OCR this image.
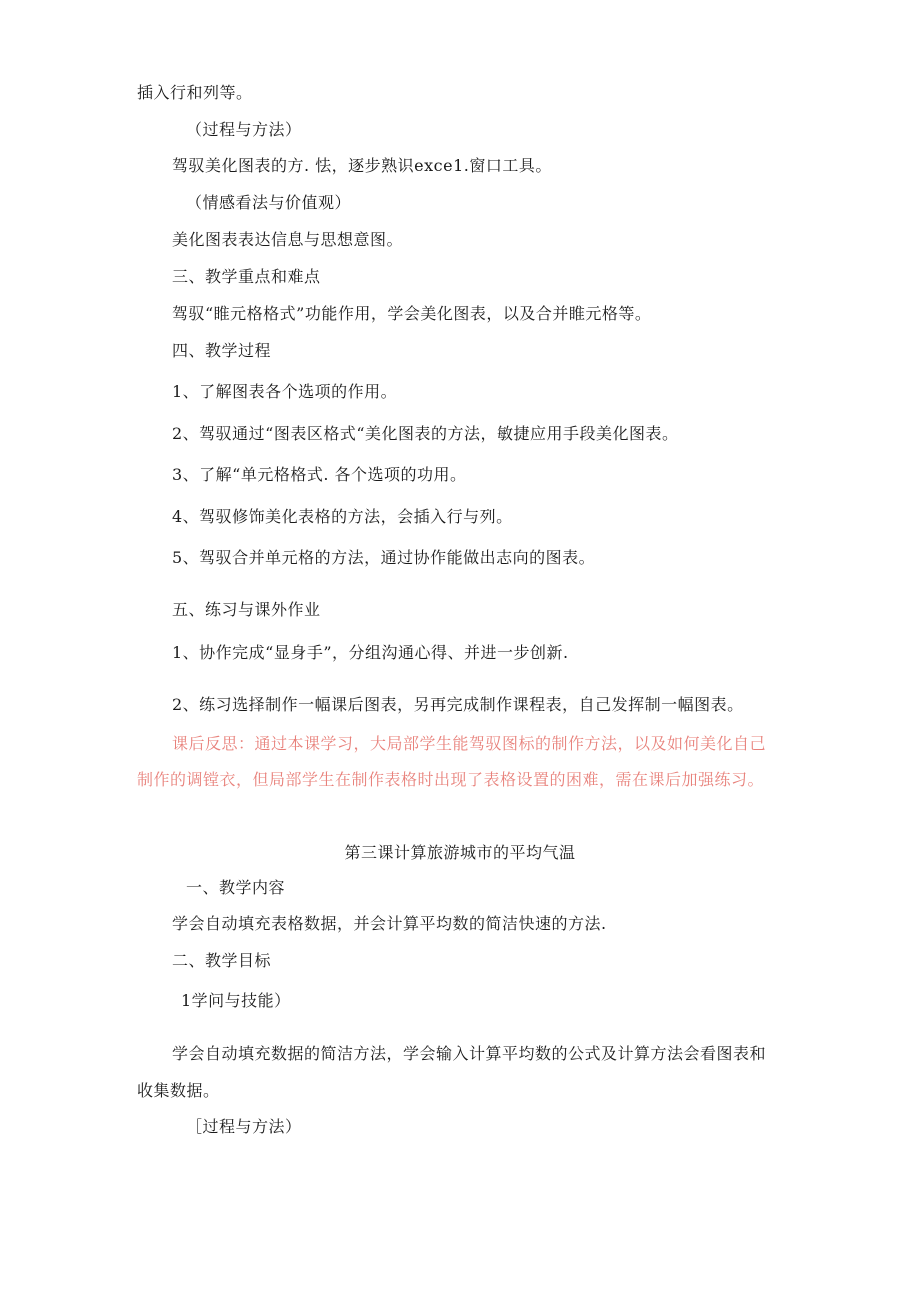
插入行和列等。
（过程与方法）
驾驭美化图表的方. 怯，逐步熟识exce1.窗口工具。
（情感看法与价值观）
美化图表表达信息与思想意图。
三、教学重点和难点
驾驭“睢元格格式”功能作用，学会美化图表，以及合并睢元格等。
四、教学过程
1、了解图表各个选项的作用。
2、驾驭通过“图表区格式“美化图表的方法，敏捷应用手段美化图表。
3、了解“单元格格式. 各个选项的功用。
4、驾驭修饰美化表格的方法，会插入行与列。
5、驾驭合并单元格的方法，通过协作能做出志向的图表。
五、练习与课外作业
1、协作完成“显身手”，分组沟通心得、并进一步创新.
2、练习选择制作一幅课后图表，另再完成制作课程表，自己发挥制一幅图表。
课后反思：通过本课学习，大局部学生能驾驭图标的制作方法，以及如何美化自己
制作的调镗衣，但局部学生在制作表格时出现了表格设置的困难，需在课后加强练习。
第三课计算旅游城市的平均气温
一、教学内容
学会自动填充表格数据，并会计算平均数的简洁快速的方法.
二、教学目标
1学问与技能）
学会自动填充数据的简洁方法，学会输入计算平均数的公式及计算方法会看图表和
收集数据。
［过程与方法）
